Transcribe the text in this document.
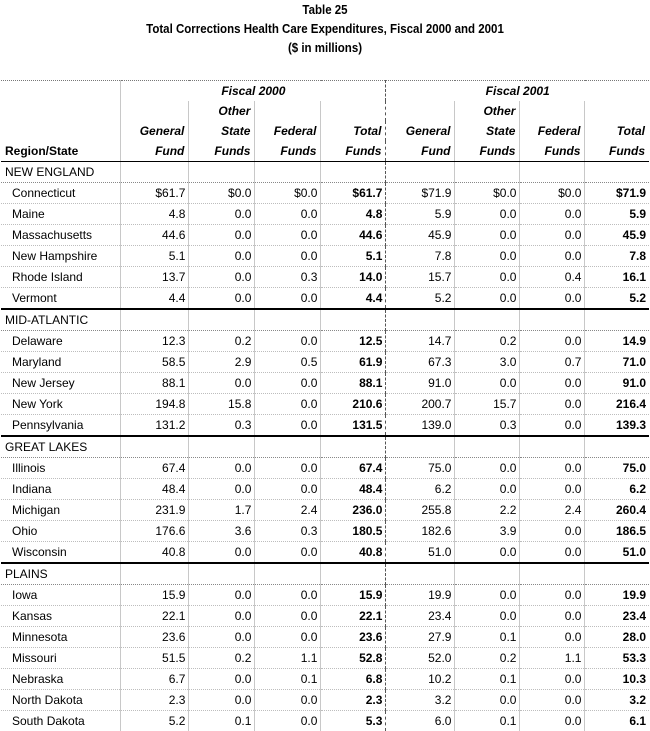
Table 25
Total Corrections Health Care Expenditures, Fiscal 2000 and 2001
($ in millions)
	Fiscal 2000				Fiscal 2001			
		Other				Other		
	General	State	Federal	Total	General	State	Federal	Total
Region/State	Fund	Funds	Funds	Funds	Fund	Funds	Funds	Funds
NEW ENGLAND								
Connecticut	$61.7	$0.0	$0.0	$61.7	$71.9	$0.0	$0.0	$71.9
Maine	4.8	0.0	0.0	4.8	5.9	0.0	0.0	5.9
Massachusetts	44.6	0.0	0.0	44.6	45.9	0.0	0.0	45.9
New Hampshire	5.1	0.0	0.0	5.1	7.8	0.0	0.0	7.8
Rhode Island	13.7	0.0	0.3	14.0	15.7	0.0	0.4	16.1
Vermont	4.4	0.0	0.0	4.4	5.2	0.0	0.0	5.2
MID-ATLANTIC								
Delaware	12.3	0.2	0.0	12.5	14.7	0.2	0.0	14.9
Maryland	58.5	2.9	0.5	61.9	67.3	3.0	0.7	71.0
New Jersey	88.1	0.0	0.0	88.1	91.0	0.0	0.0	91.0
New York	194.8	15.8	0.0	210.6	200.7	15.7	0.0	216.4
Pennsylvania	131.2	0.3	0.0	131.5	139.0	0.3	0.0	139.3
GREAT LAKES								
Illinois	67.4	0.0	0.0	67.4	75.0	0.0	0.0	75.0
Indiana	48.4	0.0	0.0	48.4	6.2	0.0	0.0	6.2
Michigan	231.9	1.7	2.4	236.0	255.8	2.2	2.4	260.4
Ohio	176.6	3.6	0.3	180.5	182.6	3.9	0.0	186.5
Wisconsin	40.8	0.0	0.0	40.8	51.0	0.0	0.0	51.0
PLAINS								
Iowa	15.9	0.0	0.0	15.9	19.9	0.0	0.0	19.9
Kansas	22.1	0.0	0.0	22.1	23.4	0.0	0.0	23.4
Minnesota	23.6	0.0	0.0	23.6	27.9	0.1	0.0	28.0
Missouri	51.5	0.2	1.1	52.8	52.0	0.2	1.1	53.3
Nebraska	6.7	0.0	0.1	6.8	10.2	0.1	0.0	10.3
North Dakota	2.3	0.0	0.0	2.3	3.2	0.0	0.0	3.2
South Dakota	5.2	0.1	0.0	5.3	6.0	0.1	0.0	6.1
